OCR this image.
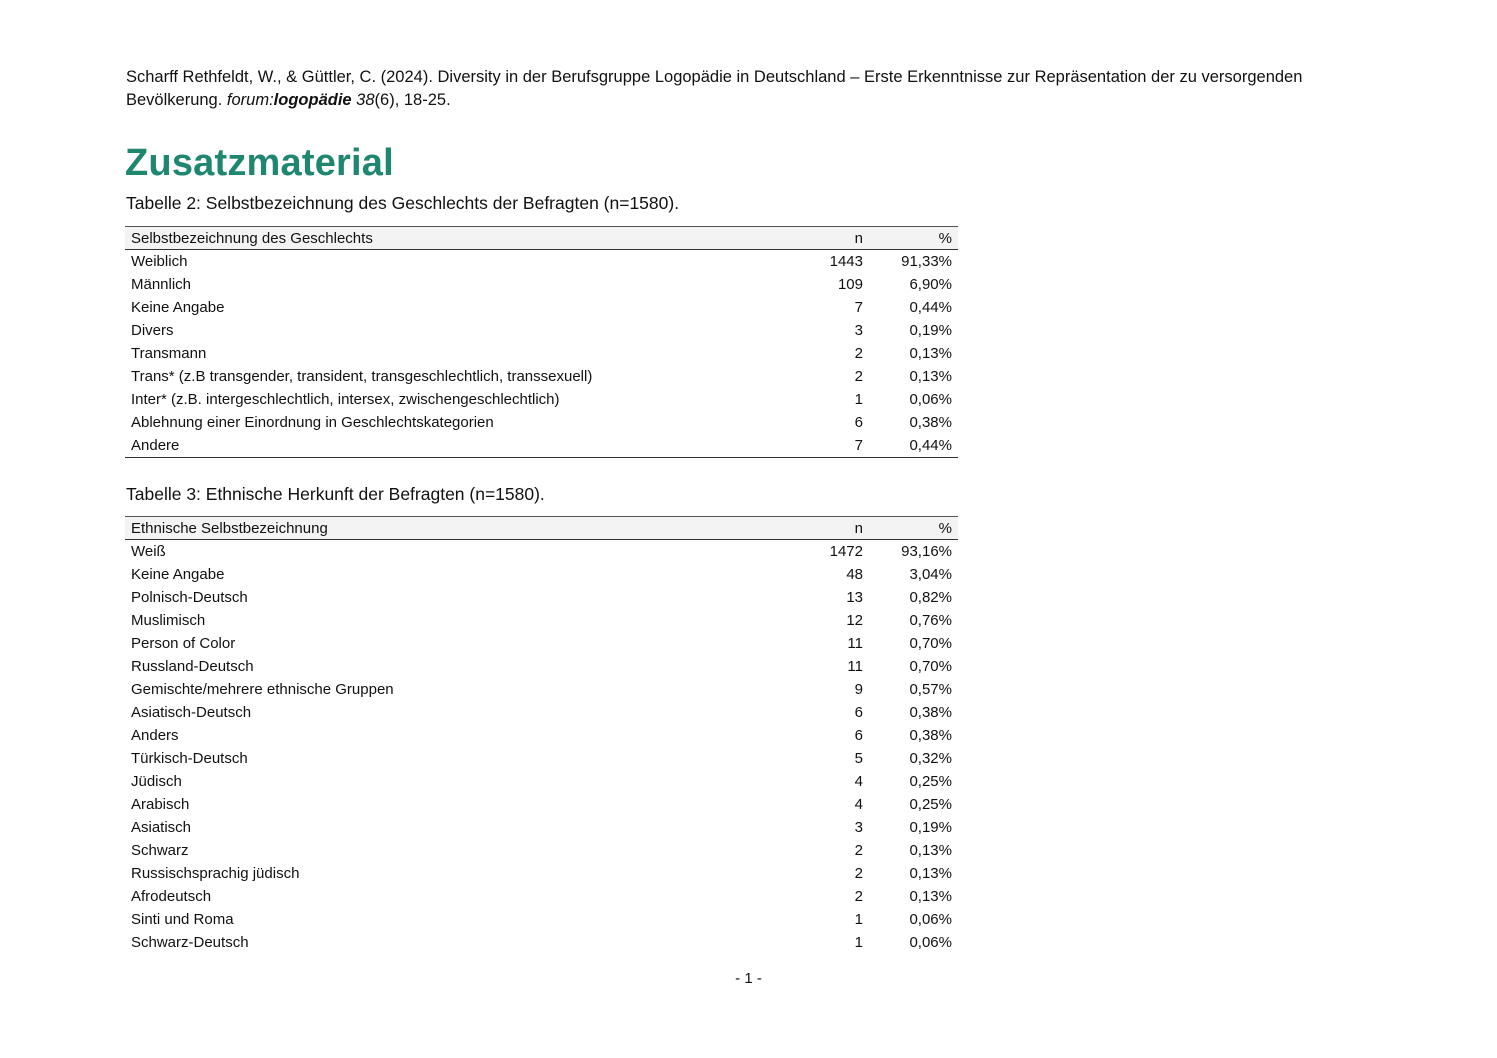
Scharff Rethfeldt, W., & Güttler, C. (2024). Diversity in der Berufsgruppe Logopädie in Deutschland – Erste Erkenntnisse zur Repräsentation der zu versorgenden Bevölkerung. forum:logopädie 38(6), 18-25.
Zusatzmaterial
Tabelle 2: Selbstbezeichnung des Geschlechts der Befragten (n=1580).
Selbstbezeichnung des Geschlechts	n	%
Weiblich	1443	91,33%
Männlich	109	6,90%
Keine Angabe	7	0,44%
Divers	3	0,19%
Transmann	2	0,13%
Trans* (z.B transgender, transident, transgeschlechtlich, transsexuell)	2	0,13%
Inter* (z.B. intergeschlechtlich, intersex, zwischengeschlechtlich)	1	0,06%
Ablehnung einer Einordnung in Geschlechtskategorien	6	0,38%
Andere	7	0,44%
Tabelle 3: Ethnische Herkunft der Befragten (n=1580).
Ethnische Selbstbezeichnung	n	%
Weiß	1472	93,16%
Keine Angabe	48	3,04%
Polnisch-Deutsch	13	0,82%
Muslimisch	12	0,76%
Person of Color	11	0,70%
Russland-Deutsch	11	0,70%
Gemischte/mehrere ethnische Gruppen	9	0,57%
Asiatisch-Deutsch	6	0,38%
Anders	6	0,38%
Türkisch-Deutsch	5	0,32%
Jüdisch	4	0,25%
Arabisch	4	0,25%
Asiatisch	3	0,19%
Schwarz	2	0,13%
Russischsprachig jüdisch	2	0,13%
Afrodeutsch	2	0,13%
Sinti und Roma	1	0,06%
Schwarz-Deutsch	1	0,06%
- 1 -
